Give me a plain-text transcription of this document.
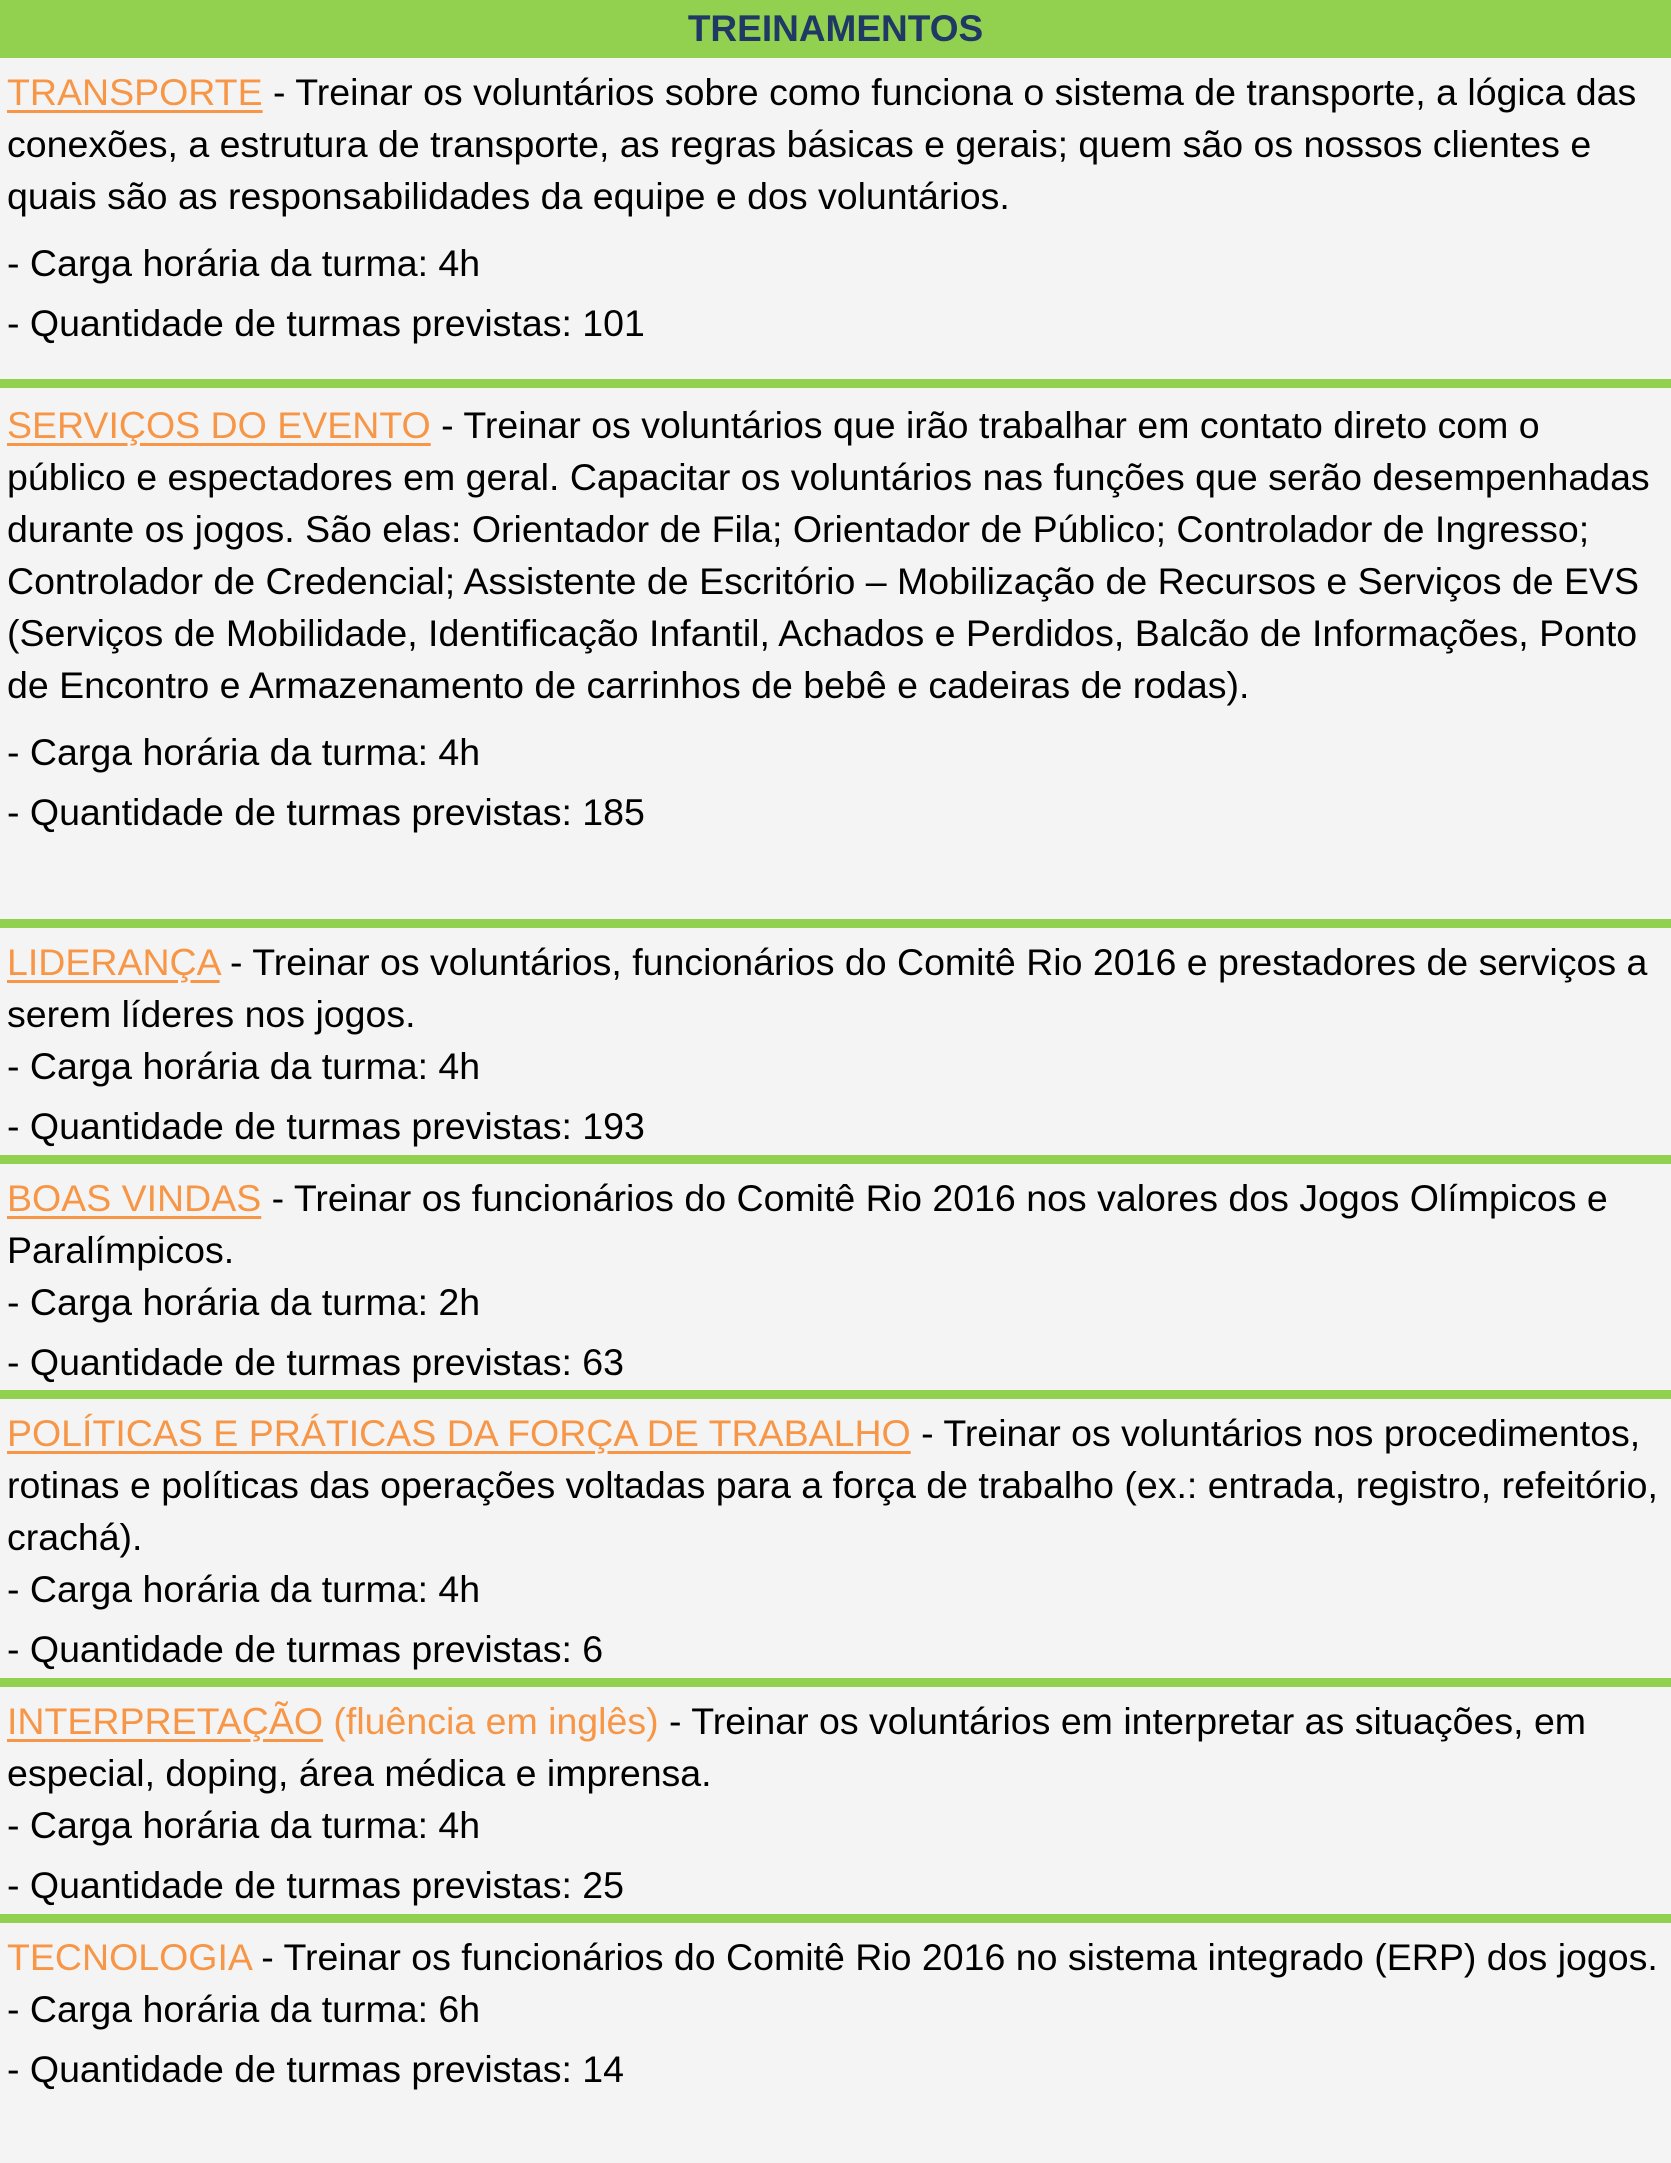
TREINAMENTOS

TRANSPORTE - Treinar os voluntários sobre como funciona o sistema de transporte, a lógica das conexões, a estrutura de transporte, as regras básicas e gerais; quem são os nossos clientes e quais são as responsabilidades da equipe e dos voluntários.

- Carga horária da turma: 4h

- Quantidade de turmas previstas: 101

SERVIÇOS DO EVENTO - Treinar os voluntários que irão trabalhar em contato direto com o público e espectadores em geral. Capacitar os voluntários nas funções que serão desempenhadas durante os jogos. São elas: Orientador de Fila; Orientador de Público; Controlador de Ingresso; Controlador de Credencial; Assistente de Escritório – Mobilização de Recursos e Serviços de EVS (Serviços de Mobilidade, Identificação Infantil, Achados e Perdidos, Balcão de Informações, Ponto de Encontro e Armazenamento de carrinhos de bebê e cadeiras de rodas).

- Carga horária da turma: 4h

- Quantidade de turmas previstas: 185

LIDERANÇA - Treinar os voluntários, funcionários do Comitê Rio 2016 e prestadores de serviços a serem líderes nos jogos.

- Carga horária da turma: 4h

- Quantidade de turmas previstas: 193

BOAS VINDAS - Treinar os funcionários do Comitê Rio 2016 nos valores dos Jogos Olímpicos e Paralímpicos.

- Carga horária da turma: 2h

- Quantidade de turmas previstas: 63

POLÍTICAS E PRÁTICAS DA FORÇA DE TRABALHO - Treinar os voluntários nos procedimentos, rotinas e políticas das operações voltadas para a força de trabalho (ex.: entrada, registro, refeitório, crachá).

- Carga horária da turma: 4h

- Quantidade de turmas previstas: 6

INTERPRETAÇÃO (fluência em inglês) - Treinar os voluntários em interpretar as situações, em especial, doping, área médica e imprensa.

- Carga horária da turma: 4h

- Quantidade de turmas previstas: 25

TECNOLOGIA - Treinar os funcionários do Comitê Rio 2016 no sistema integrado (ERP) dos jogos.

- Carga horária da turma: 6h

- Quantidade de turmas previstas: 14
